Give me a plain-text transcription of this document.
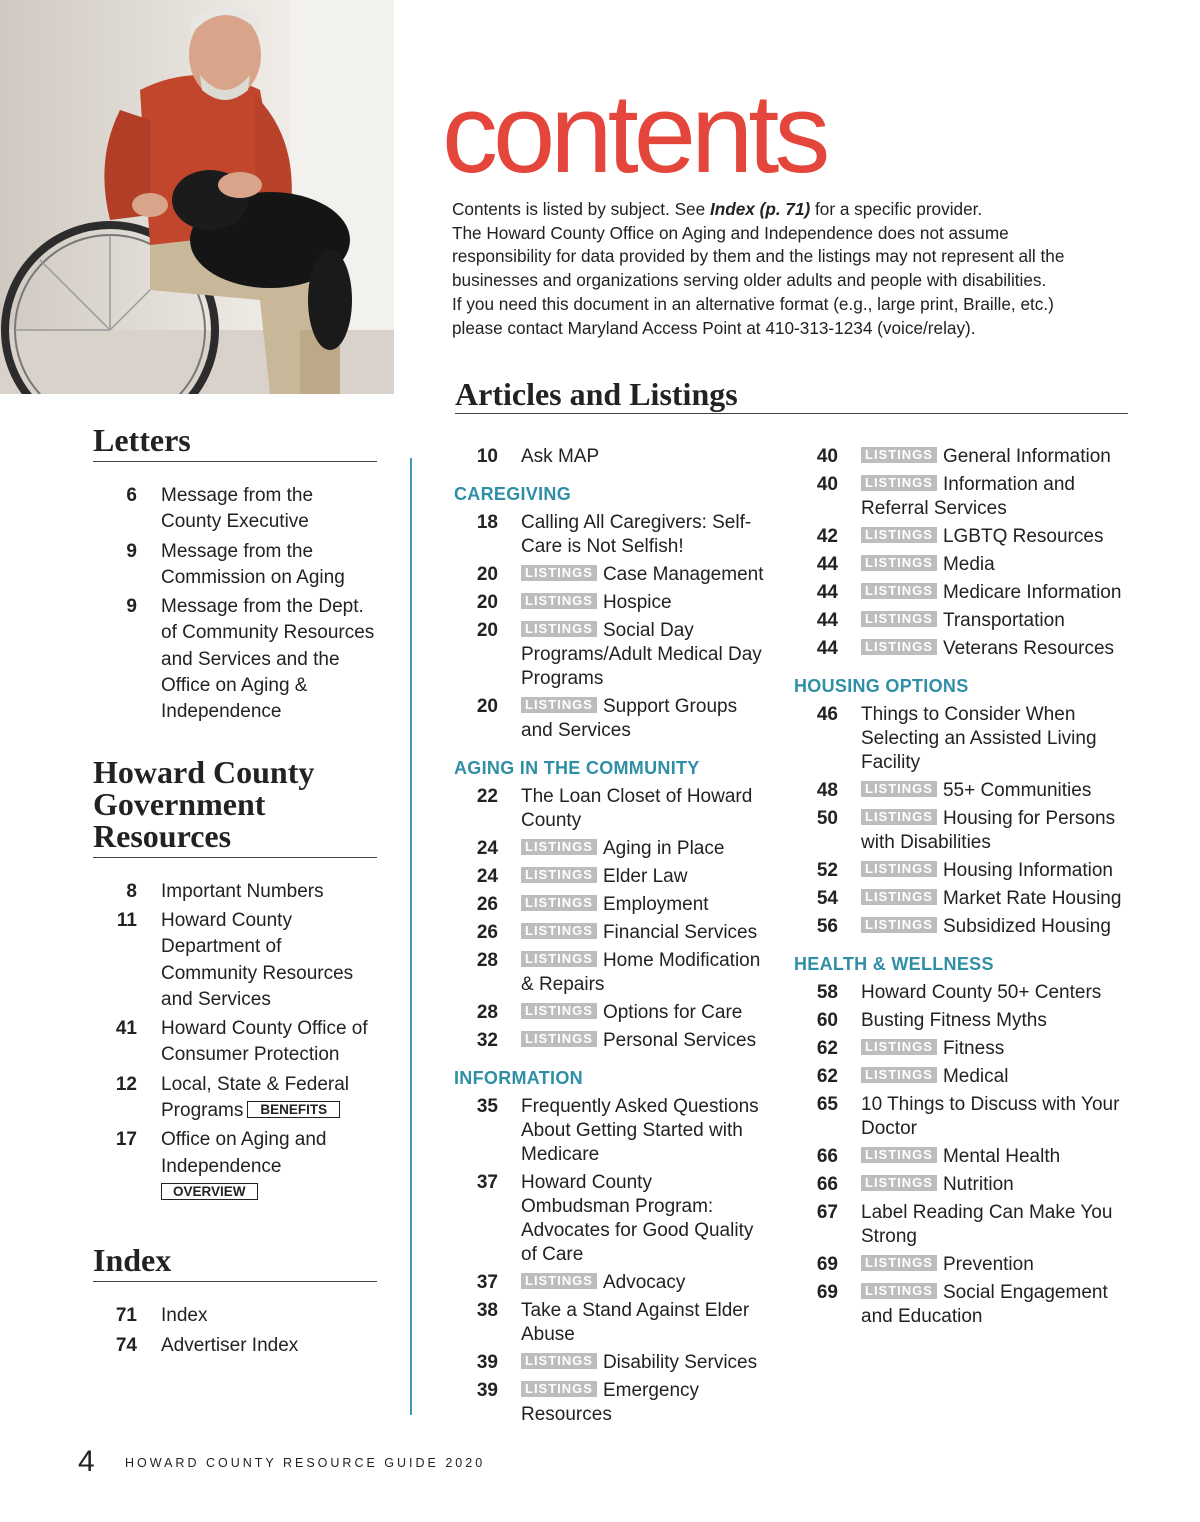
contents

Contents is listed by subject. See Index (p. 71) for a specific provider.

The Howard County Office on Aging and Independence does not assume responsibility for data provided by them and the listings may not represent all the businesses and organizations serving older adults and people with disabilities.

If you need this document in an alternative format (e.g., large print, Braille, etc.) please contact Maryland Access Point at 410-313-1234 (voice/relay).

Articles and Listings
Letters
6 Message from the County Executive
9 Message from the Commission on Aging
9 Message from the Dept. of Community Resources and Services and the Office on Aging & Independence
Howard County Government Resources
8 Important Numbers
11 Howard County Department of Community Resources and Services
41 Howard County Office of Consumer Protection
12 Local, State & Federal Programs BENEFITS
17 Office on Aging and Independence
OVERVIEW
Index
71 Index
74 Advertiser Index
10 Ask MAP
CAREGIVING
18 Calling All Caregivers: Self-Care is Not Selfish!
20	LISTINGS Case Management
20	LISTINGS Hospice
20	LISTINGS Social Day Programs/Adult Medical Day Programs
20	LISTINGS Support Groups and Services
AGING IN THE COMMUNITY
22 The Loan Closet of Howard County
24	LISTINGS Aging in Place
24	LISTINGS Elder Law
26	LISTINGS Employment
26	LISTINGS Financial Services
28	LISTINGS Home Modification & Repairs
28	LISTINGS Options for Care
32	LISTINGS Personal Services
INFORMATION
35 Frequently Asked Questions About Getting Started with Medicare
37 Howard County Ombudsman Program: Advocates for Good Quality of Care
37	LISTINGS Advocacy
38 Take a Stand Against Elder Abuse
39	LISTINGS Disability Services
39	LISTINGS Emergency Resources
40	LISTINGS General Information
40	LISTINGS Information and Referral Services
42	LISTINGS LGBTQ Resources
44	LISTINGS Media
44	LISTINGS Medicare Information
44	LISTINGS Transportation
44	LISTINGS Veterans Resources
HOUSING OPTIONS
46 Things to Consider When Selecting an Assisted Living Facility
48	LISTINGS 55+ Communities
50	LISTINGS Housing for Persons with Disabilities
52	LISTINGS Housing Information
54	LISTINGS Market Rate Housing
56	LISTINGS Subsidized Housing
HEALTH & WELLNESS
58 Howard County 50+ Centers
60 Busting Fitness Myths
62	LISTINGS Fitness
62	LISTINGS Medical
65 10 Things to Discuss with Your Doctor
66	LISTINGS Mental Health
66	LISTINGS Nutrition
67 Label Reading Can Make You Strong
69	LISTINGS Prevention
69	LISTINGS Social Engagement and Education
4 HOWARD COUNTY RESOURCE GUIDE 2020
